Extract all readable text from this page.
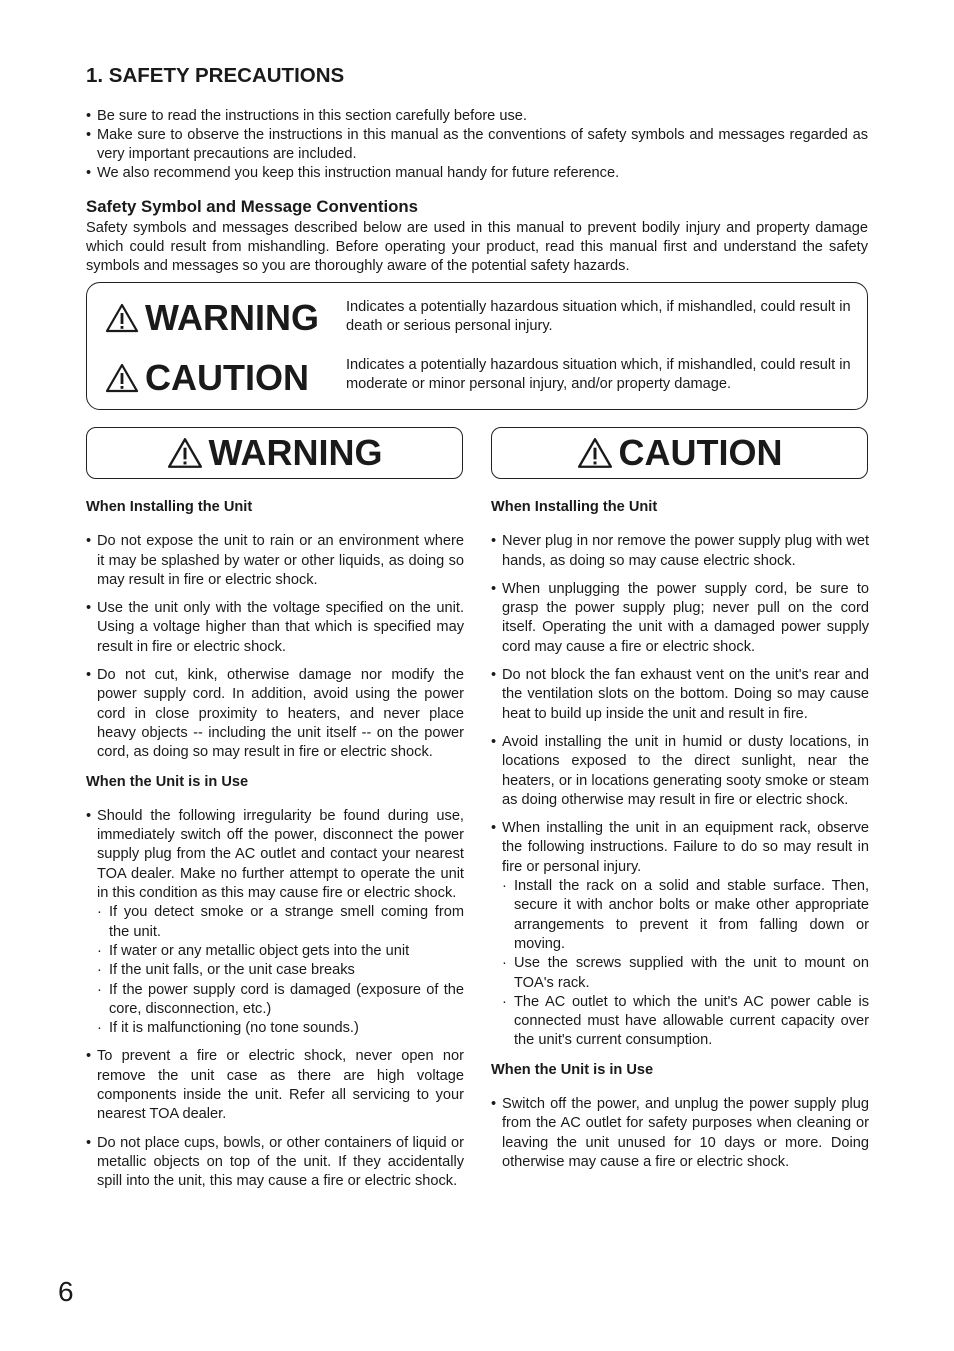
1. SAFETY PRECAUTIONS
• Be sure to read the instructions in this section carefully before use.
• Make sure to observe the instructions in this manual as the conventions of safety symbols and messages regarded as very important precautions are included.
• We also recommend you keep this instruction manual handy for future reference.
Safety Symbol and Message Conventions

Safety symbols and messages described below are used in this manual to prevent bodily injury and property damage which could result from mishandling. Before operating your product, read this manual first and understand the safety symbols and messages so you are thoroughly aware of the potential safety hazards.

WARNING Indicates a potentially hazardous situation which, if mishandled, could result in death or serious personal injury.
CAUTION	Indicates a potentially hazardous situation which, if mishandled, could result in moderate or minor personal injury, and/or property damage.
WARNING	CAUTION
When Installing the Unit
• Do not expose the unit to rain or an environment where it may be splashed by water or other liquids, as doing so may result in fire or electric shock.
• Use the unit only with the voltage specified on the unit. Using a voltage higher than that which is specified may result in fire or electric shock.
• Do not cut, kink, otherwise damage nor modify the power supply cord. In addition, avoid using the power cord in close proximity to heaters, and never place heavy objects -- including the unit itself -- on the power cord, as doing so may result in fire or electric shock.
When the Unit is in Use
• Should the following irregularity be found during use, immediately switch off the power, disconnect the power supply plug from the AC outlet and contact your nearest TOA dealer. Make no further attempt to operate the unit in this condition as this may cause fire or electric shock.
· If you detect smoke or a strange smell coming from the unit.
· If water or any metallic object gets into the unit
· If the unit falls, or the unit case breaks
· If the power supply cord is damaged (exposure of the core, disconnection, etc.)
· If it is malfunctioning (no tone sounds.)
• To prevent a fire or electric shock, never open nor remove the unit case as there are high voltage components inside the unit. Refer all servicing to your nearest TOA dealer.
• Do not place cups, bowls, or other containers of liquid or metallic objects on top of the unit. If they accidentally spill into the unit, this may cause a fire or electric shock.
When Installing the Unit
• Never plug in nor remove the power supply plug with wet hands, as doing so may cause electric shock.
• When unplugging the power supply cord, be sure to grasp the power supply plug; never pull on the cord itself. Operating the unit with a damaged power supply cord may cause a fire or electric shock.
• Do not block the fan exhaust vent on the unit's rear and the ventilation slots on the bottom. Doing so may cause heat to build up inside the unit and result in fire.
• Avoid installing the unit in humid or dusty locations, in locations exposed to the direct sunlight, near the heaters, or in locations generating sooty smoke or steam as doing otherwise may result in fire or electric shock.
• When installing the unit in an equipment rack, observe the following instructions. Failure to do so may result in fire or personal injury.
· Install the rack on a solid and stable surface. Then, secure it with anchor bolts or make other appropriate arrangements to prevent it from falling down or moving.
· Use the screws supplied with the unit to mount on TOA's rack.
· The AC outlet to which the unit's AC power cable is connected must have allowable current capacity over the unit's current consumption.
When the Unit is in Use
• Switch off the power, and unplug the power supply plug from the AC outlet for safety purposes when cleaning or leaving the unit unused for 10 days or more. Doing otherwise may cause a fire or electric shock.
6
